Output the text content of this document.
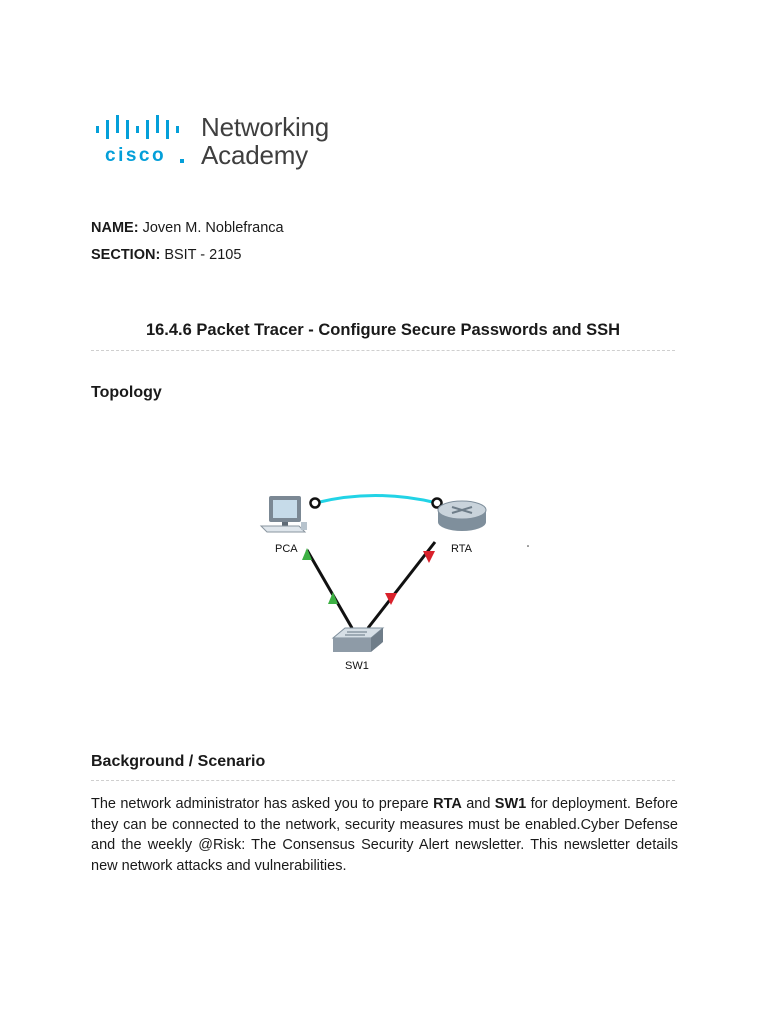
cisco
Networking
Academy
NAME: Joven M. Noblefranca
SECTION: BSIT - 2105
16.4.6 Packet Tracer - Configure Secure Passwords and SSH
Topology
PCA	RTA
SW1
Background / Scenario
The network administrator has asked you to prepare RTA and SW1 for deployment. Before they can be connected to the network, security measures must be enabled.Cyber Defense and the weekly @Risk: The Consensus Security Alert newsletter. This newsletter details new network attacks and vulnerabilities.
